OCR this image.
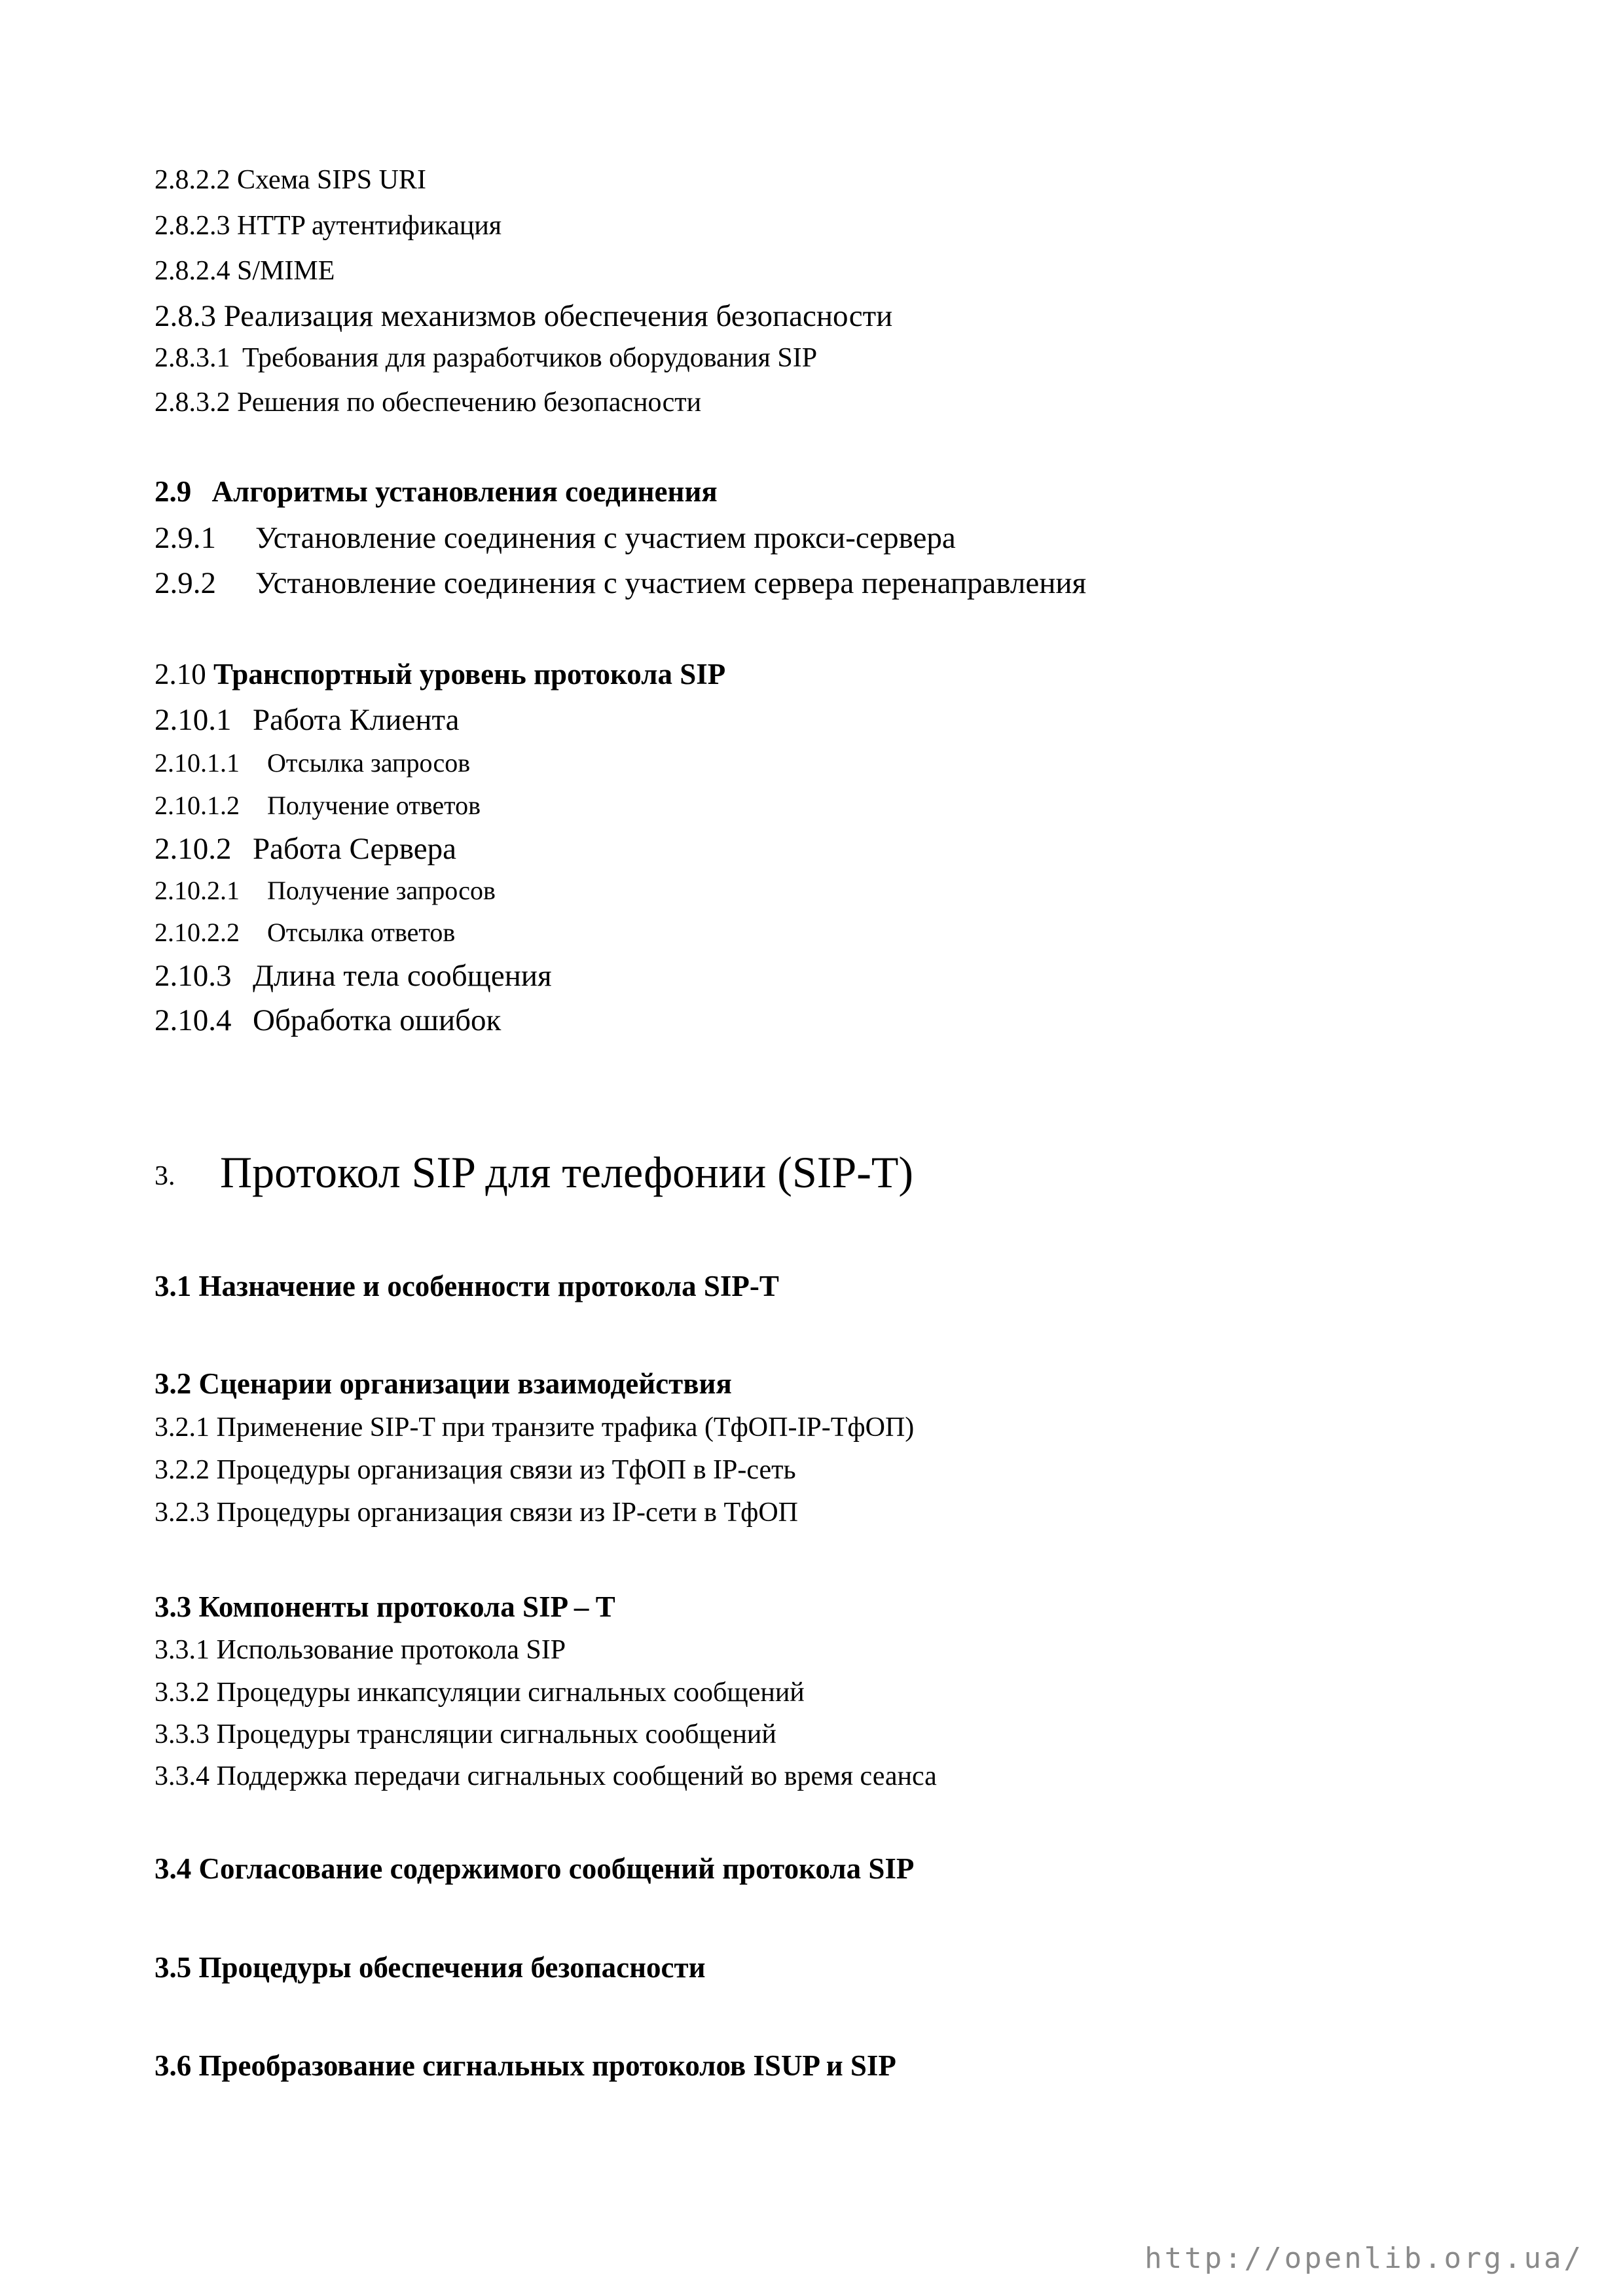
2.8.2.2 Схема SIPS URI
2.8.2.3 HTTP аутентификация
2.8.2.4 S/MIME
2.8.3 Реализация механизмов обеспечения безопасности
2.8.3.1 Требования для разработчиков оборудования SIP
2.8.3.2 Решения по обеспечению безопасности
2.9 Алгоритмы установления соединения
2.9.1 Установление соединения с участием прокси-сервера
2.9.2 Установление соединения с участием сервера перенаправления
2.10 Транспортный уровень протокола SIP
2.10.1 Работа Клиента
2.10.1.1 Отсылка запросов
2.10.1.2 Получение ответов
2.10.2 Работа Сервера
2.10.2.1 Получение запросов
2.10.2.2 Отсылка ответов
2.10.3 Длина тела сообщения
2.10.4 Обработка ошибок
3. Протокол SIP для телефонии (SIP-T)
3.1 Назначение и особенности протокола SIP-T
3.2 Сценарии организации взаимодействия
3.2.1 Применение SIP-T при транзите трафика (ТфОП-IP-ТфОП)
3.2.2 Процедуры организация связи из ТфОП в IP-сеть
3.2.3 Процедуры организация связи из IP-сети в ТфОП
3.3 Компоненты протокола SIP – T
3.3.1 Использование протокола SIP
3.3.2 Процедуры инкапсуляции сигнальных сообщений
3.3.3 Процедуры трансляции сигнальных сообщений
3.3.4 Поддержка передачи сигнальных сообщений во время сеанса
3.4 Согласование содержимого сообщений протокола SIP
3.5 Процедуры обеспечения безопасности
3.6 Преобразование сигнальных протоколов ISUP и SIP
http://openlib.org.ua/
